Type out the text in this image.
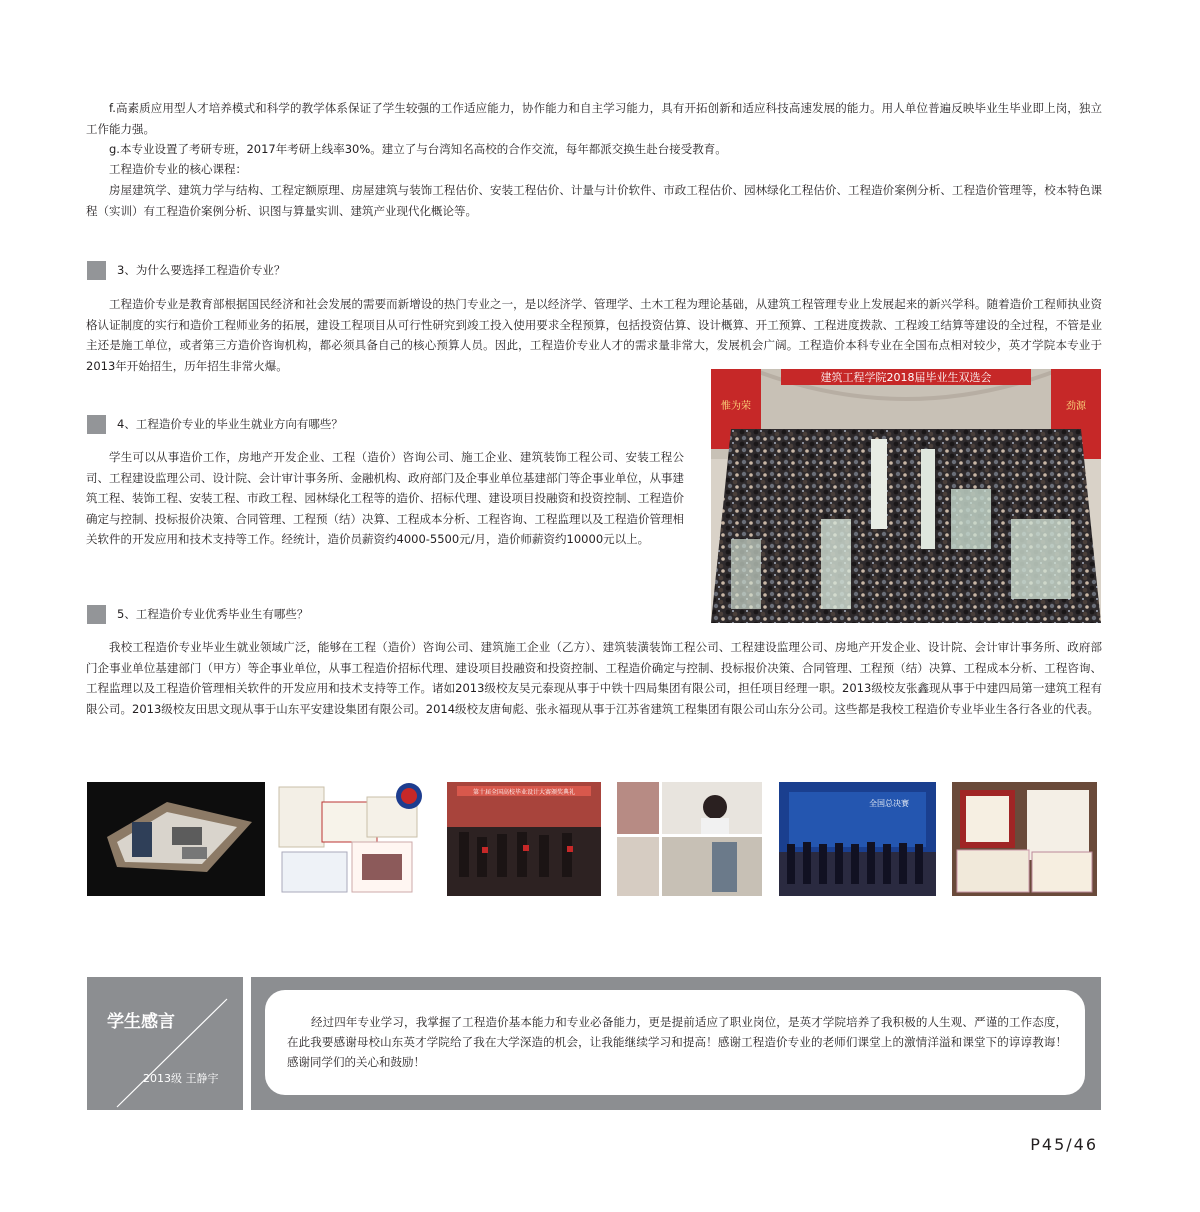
f.高素质应用型人才培养模式和科学的教学体系保证了学生较强的工作适应能力，协作能力和自主学习能力，具有开拓创新和适应科技高速发展的能力。用人单位普遍反映毕业生毕业即上岗，独立工作能力强。

g.本专业设置了考研专班，2017年考研上线率30%。建立了与台湾知名高校的合作交流，每年都派交换生赴台接受教育。

工程造价专业的核心课程：

房屋建筑学、建筑力学与结构、工程定额原理、房屋建筑与装饰工程估价、安装工程估价、计量与计价软件、市政工程估价、园林绿化工程估价、工程造价案例分析、工程造价管理等，校本特色课程（实训）有工程造价案例分析、识图与算量实训、建筑产业现代化概论等。

3、为什么要选择工程造价专业？

工程造价专业是教育部根据国民经济和社会发展的需要而新增设的热门专业之一，是以经济学、管理学、土木工程为理论基础，从建筑工程管理专业上发展起来的新兴学科。随着造价工程师执业资格认证制度的实行和造价工程师业务的拓展，建设工程项目从可行性研究到竣工投入使用要求全程预算，包括投资估算、设计概算、开工预算、工程进度拨款、工程竣工结算等建设的全过程，不管是业主还是施工单位，或者第三方造价咨询机构，都必须具备自己的核心预算人员。因此，工程造价专业人才的需求量非常大，发展机会广阔。工程造价本科专业在全国布点相对较少，英才学院本专业于2013年开始招生，历年招生非常火爆。

4、工程造价专业的毕业生就业方向有哪些？

学生可以从事造价工作，房地产开发企业、工程（造价）咨询公司、施工企业、建筑装饰工程公司、安装工程公司、工程建设监理公司、设计院、会计审计事务所、金融机构、政府部门及企事业单位基建部门等企事业单位，从事建筑工程、装饰工程、安装工程、市政工程、园林绿化工程等的造价、招标代理、建设项目投融资和投资控制、工程造价确定与控制、投标报价决策、合同管理、工程预（结）决算、工程成本分析、工程咨询、工程监理以及工程造价管理相关软件的开发应用和技术支持等工作。经统计，造价员薪资约4000-5500元/月，造价师薪资约10000元以上。

建筑工程学院2018届毕业生双选会
惟为荣	劲源
5、工程造价专业优秀毕业生有哪些？

我校工程造价专业毕业生就业领域广泛，能够在工程（造价）咨询公司、建筑施工企业（乙方）、建筑装潢装饰工程公司、工程建设监理公司、房地产开发企业、设计院、会计审计事务所、政府部门企事业单位基建部门（甲方）等企事业单位，从事工程造价招标代理、建设项目投融资和投资控制、工程造价确定与控制、投标报价决策、合同管理、工程预（结）决算、工程成本分析、工程咨询、工程监理以及工程造价管理相关软件的开发应用和技术支持等工作。诸如2013级校友吴元泰现从事于中铁十四局集团有限公司，担任项目经理一职。2013级校友张鑫现从事于中建四局第一建筑工程有限公司。2013级校友田思文现从事于山东平安建设集团有限公司。2014级校友唐甸彪、张永福现从事于江苏省建筑工程集团有限公司山东分公司。这些都是我校工程造价专业毕业生各行各业的代表。

第十届全国高校毕业设计大赛颁奖典礼
全国总决赛
学生感言
2013级 王静宇

经过四年专业学习，我掌握了工程造价基本能力和专业必备能力，更是提前适应了职业岗位，是英才学院培养了我积极的人生观、严谨的工作态度，在此我要感谢母校山东英才学院给了我在大学深造的机会，让我能继续学习和提高！感谢工程造价专业的老师们课堂上的激情洋溢和课堂下的谆谆教诲！感谢同学们的关心和鼓励！

P45/46
